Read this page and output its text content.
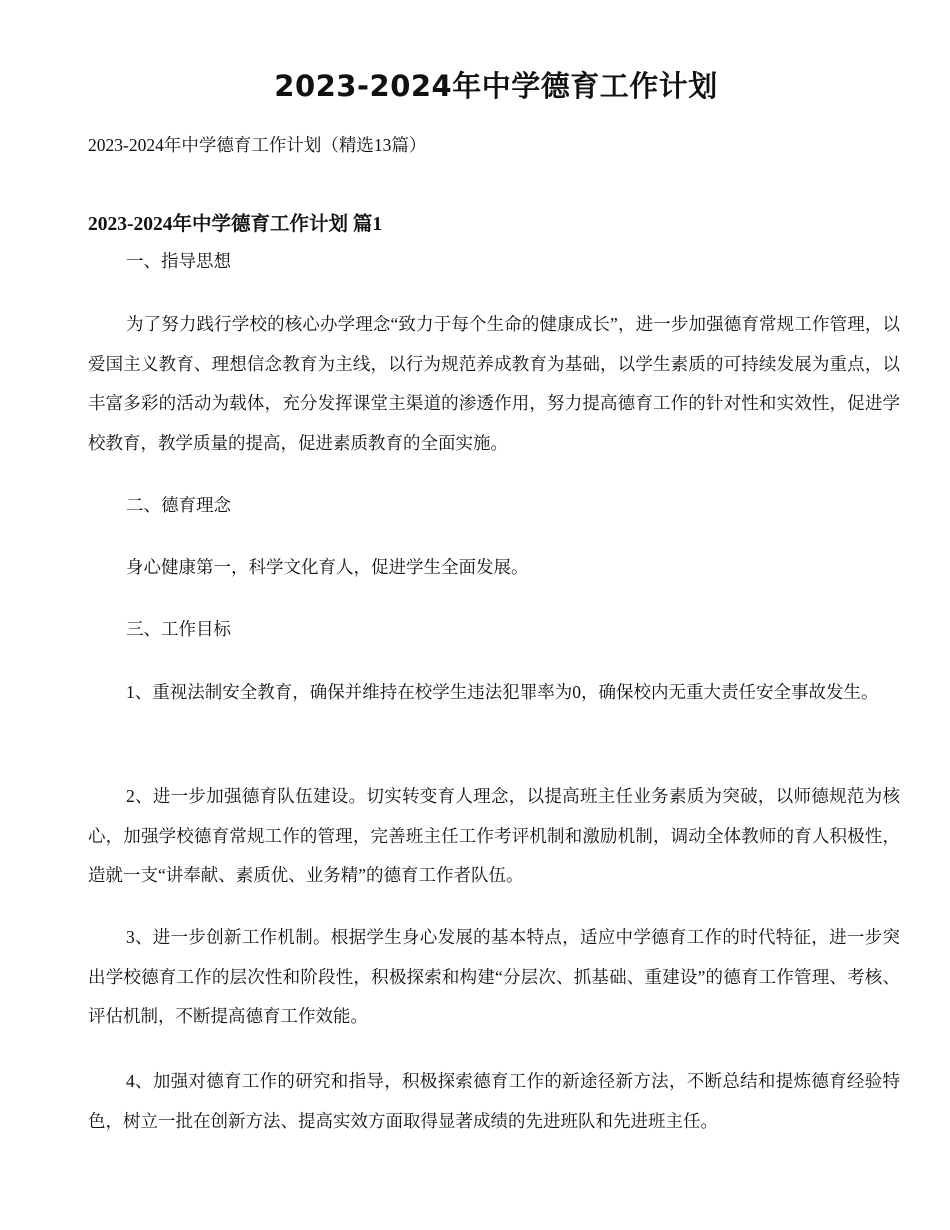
2023-2024年中学德育工作计划
2023-2024年中学德育工作计划（精选13篇）
2023-2024年中学德育工作计划 篇1

一、指导思想

为了努力践行学校的核心办学理念“致力于每个生命的健康成长”，进一步加强德育常规工作管理，以爱国主义教育、理想信念教育为主线，以行为规范养成教育为基础，以学生素质的可持续发展为重点，以丰富多彩的活动为载体，充分发挥课堂主渠道的渗透作用，努力提高德育工作的针对性和实效性，促进学校教育，教学质量的提高，促进素质教育的全面实施。

二、德育理念

身心健康第一，科学文化育人，促进学生全面发展。

三、工作目标

1、重视法制安全教育，确保并维持在校学生违法犯罪率为0，确保校内无重大责任安全事故发生。

2、进一步加强德育队伍建设。切实转变育人理念，以提高班主任业务素质为突破，以师德规范为核心，加强学校德育常规工作的管理，完善班主任工作考评机制和激励机制，调动全体教师的育人积极性，造就一支“讲奉献、素质优、业务精”的德育工作者队伍。

3、进一步创新工作机制。根据学生身心发展的基本特点，适应中学德育工作的时代特征，进一步突出学校德育工作的层次性和阶段性，积极探索和构建“分层次、抓基础、重建设”的德育工作管理、考核、评估机制，不断提高德育工作效能。

4、加强对德育工作的研究和指导，积极探索德育工作的新途径新方法，不断总结和提炼德育经验特色，树立一批在创新方法、提高实效方面取得显著成绩的先进班队和先进班主任。
